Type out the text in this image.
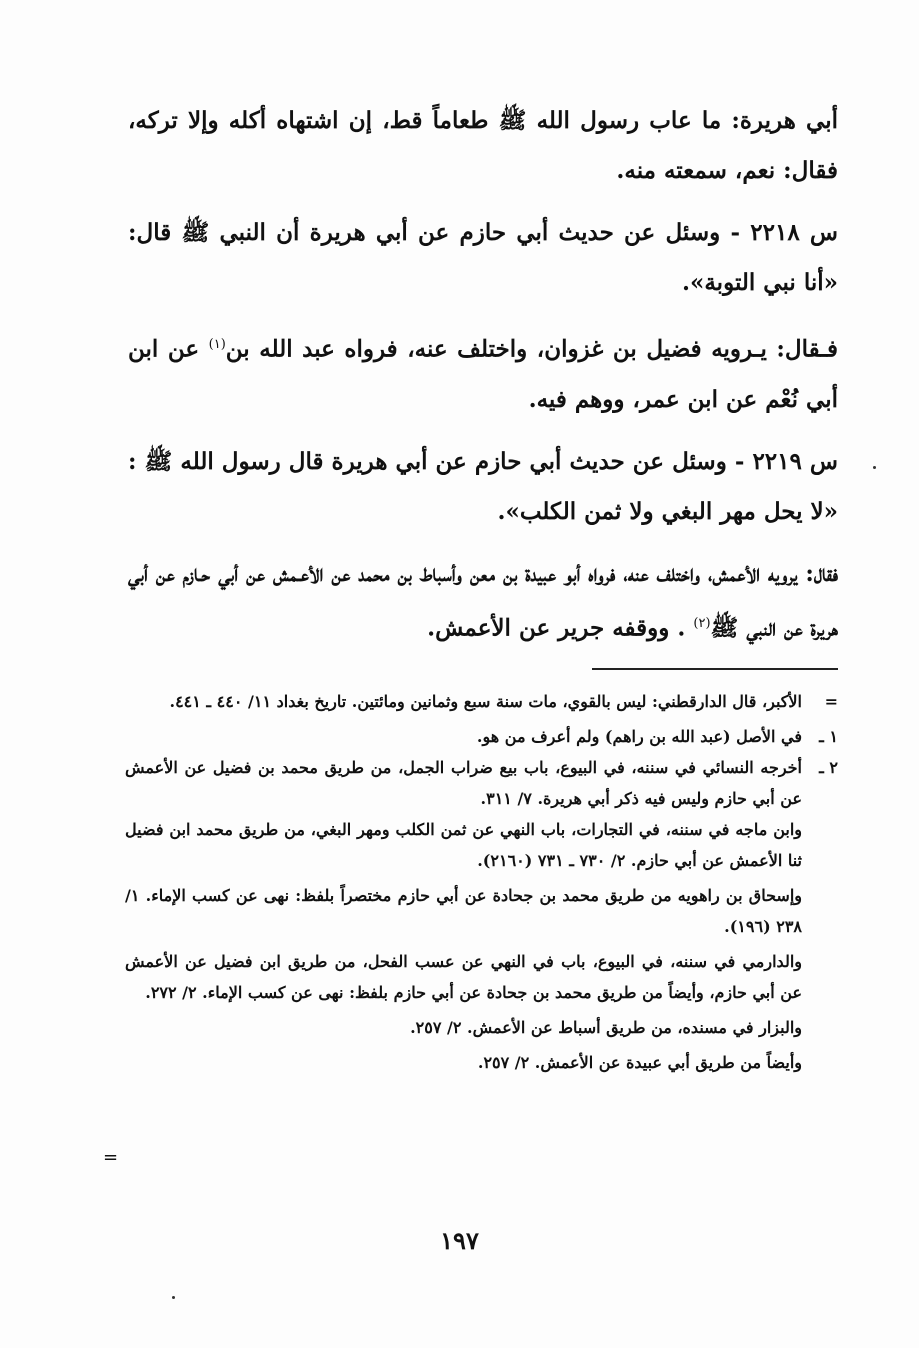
أبي هريرة: ما عاب رسول الله ﷺ طعاماً قط، إن اشتهاه أكله وإلا تركه، فقال: نعم، سمعته منه.

س ٢٢١٨ - وسئل عن حديث أبي حازم عن أبي هريرة أن النبي ﷺ قال: «أنا نبي التوبة».

فـقال: يـرويه فضيل بن غزوان، واختلف عنه، فرواه عبد الله بن$^{(١)}$ عن ابن أبي نُعْم عن ابن عمر، ووهم فيه.

س ٢٢١٩ - وسئل عن حديث أبي حازم عن أبي هريرة قال رسول الله ﷺ : «لا يحل مهر البغي ولا ثمن الكلب».

فقال: يرويه الأعمش، واختلف عنه، فرواه أبو عبيدة بن معن وأسباط بن محمد عن الأعـمش عن أبي حـازم عن أبي هريرة عن النبي ﷺ$^{(٢)}$ . ووقفه جرير عن الأعمش.

=
الأكبر، قال الدارقطني: ليس بالقوي، مات سنة سبع وثمانين ومائتين. تاريخ بغداد ١١/ ٤٤٠ ـ ٤٤١.
١ ـ
في الأصل (عبد الله بن راهم) ولم أعرف من هو.
٢ ـ
أخرجه النسائي في سننه، في البيوع، باب بيع ضراب الجمل، من طريق محمد بن فضيل عن الأعمش عن أبي حازم وليس فيه ذكر أبي هريرة. ٧/ ٣١١.

وابن ماجه في سننه، في التجارات، باب النهي عن ثمن الكلب ومهر البغي، من طريق محمد ابن فضيل ثنا الأعمش عن أبي حازم. ٢/ ٧٣٠ ـ ٧٣١ (٢١٦٠).

وإسحاق بن راهويه من طريق محمد بن جحادة عن أبي حازم مختصراً بلفظ: نهى عن كسب الإماء. ١/ ٢٣٨ (١٩٦).

والدارمي في سننه، في البيوع، باب في النهي عن عسب الفحل، من طريق ابن فضيل عن الأعمش عن أبي حازم، وأيضاً من طريق محمد بن جحادة عن أبي حازم بلفظ: نهى عن كسب الإماء. ٢/ ٢٧٢.

والبزار في مسنده، من طريق أسباط عن الأعمش. ٢/ ٢٥٧.

وأيضاً من طريق أبي عبيدة عن الأعمش. ٢/ ٢٥٧.

=
١٩٧
